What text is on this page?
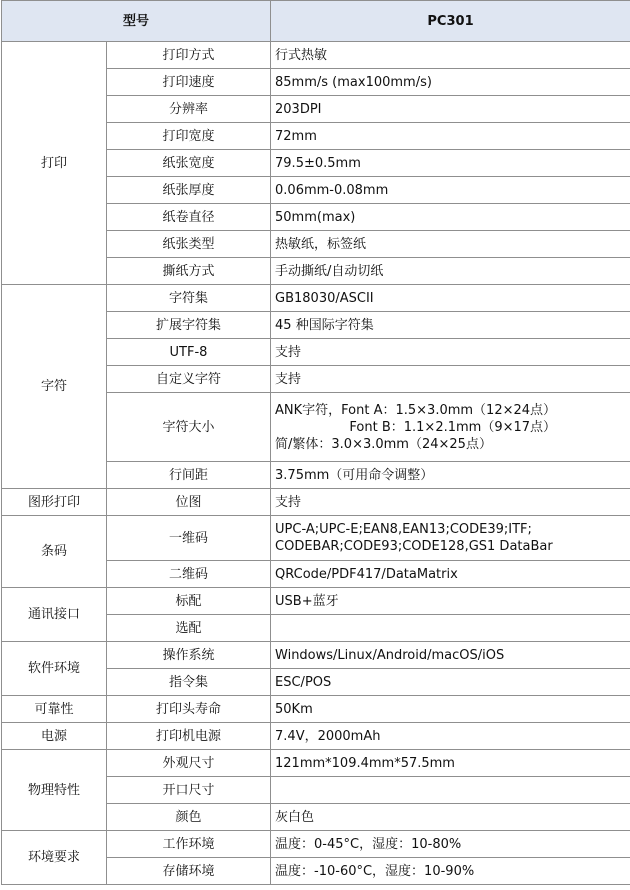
型号		PC301
打印	打印方式	行式热敏
	打印速度	85mm/s (max100mm/s)
	分辨率	203DPI
	打印宽度	72mm
	纸张宽度	79.5±0.5mm
	纸张厚度	0.06mm-0.08mm
	纸卷直径	50mm(max)
	纸张类型	热敏纸，标签纸
	撕纸方式	手动撕纸/自动切纸
字符	字符集	GB18030/ASCII
	扩展字符集	45 种国际字符集
	UTF-8	支持
	自定义字符	支持
	字符大小	ANK字符，Font A：1.5×3.0mm（12×24点）
Font B：1.1×2.1mm（9×17点）
简/繁体：3.0×3.0mm（24×25点）

	行间距	3.75mm（可用命令调整）
图形打印	位图	支持
条码	一维码	UPC-A;UPC-E;EAN8,EAN13;CODE39;ITF;
CODEBAR;CODE93;CODE128,GS1 DataBar

	二维码	QRCode/PDF417/DataMatrix
通讯接口	标配	USB+蓝牙
	选配	
软件环境	操作系统	Windows/Linux/Android/macOS/iOS
	指令集	ESC/POS
可靠性	打印头寿命	50Km
电源	打印机电源	7.4V，2000mAh
物理特性	外观尺寸	121mm*109.4mm*57.5mm
	开口尺寸	
	颜色	灰白色
环境要求	工作环境	温度：0-45°C，湿度：10-80%
	存储环境	温度：-10-60°C，湿度：10-90%
